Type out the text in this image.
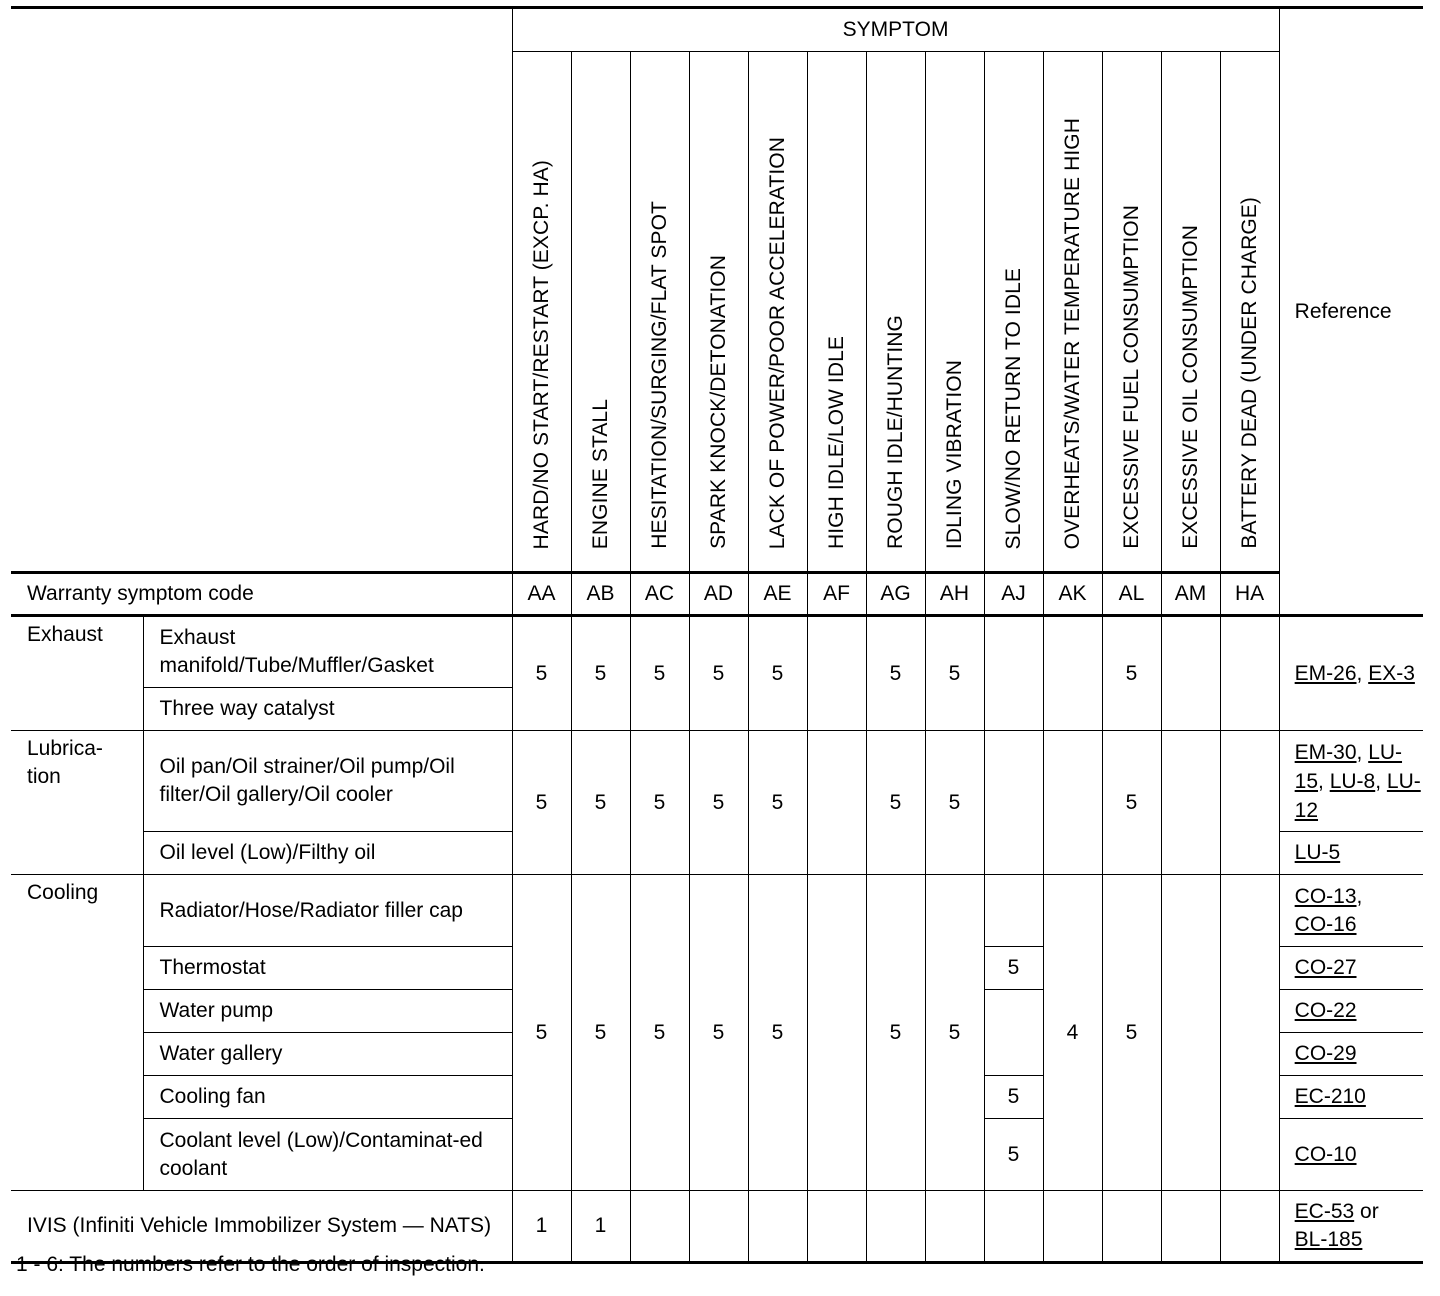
		SYMPTOM													Reference
		HARD/NO START/RESTART (EXCP. HA)	ENGINE STALL	HESITATION/SURGING/FLAT SPOT	SPARK KNOCK/DETONATION	LACK OF POWER/POOR ACCELERATION	HIGH IDLE/LOW IDLE	ROUGH IDLE/HUNTING	IDLING VIBRATION	SLOW/NO RETURN TO IDLE	OVERHEATS/WATER TEMPERATURE HIGH	EXCESSIVE FUEL CONSUMPTION	EXCESSIVE OIL CONSUMPTION	BATTERY DEAD (UNDER CHARGE)	
Warranty symptom code		AA	AB	AC	AD	AE	AF	AG	AH	AJ	AK	AL	AM	HA	
Exhaust	Exhaust manifold/Tube/Muffler/Gasket	5	5	5	5	5		5	5			5			EM-26, EX-3
	Three way catalyst														
Lubrica-tion	Oil pan/Oil strainer/Oil pump/Oil filter/Oil gallery/Oil cooler	5	5	5	5	5		5	5			5			EM-30, LU-15, LU-8, LU-12
	Oil level (Low)/Filthy oil														LU-5
Cooling	Radiator/Hose/Radiator filler cap	5	5	5	5	5		5	5		4	5			CO-13,
CO-16
	Thermostat									5					CO-27
	Water pump														CO-22
	Water gallery														CO-29
	Cooling fan									5					EC-210
	Coolant level (Low)/Contaminat-ed coolant									5					CO-10
IVIS (Infiniti Vehicle Immobilizer System — NATS)		1	1												EC-53 or
BL-185
1 - 6: The numbers refer to the order of inspection.
